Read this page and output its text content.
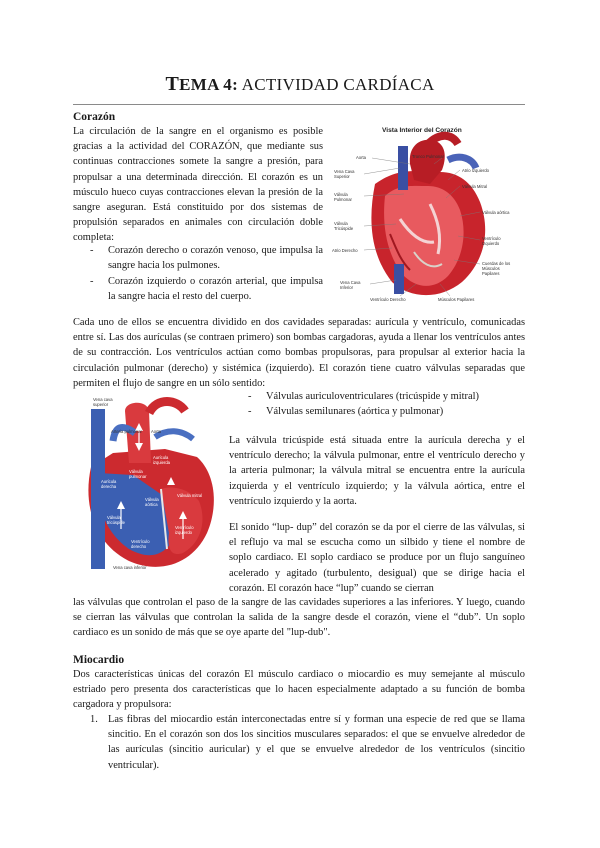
TEMA 4: ACTIVIDAD CARDÍACA
Corazón
La circulación de la sangre en el organismo es posible gracias a la actividad del CORAZÓN, que mediante sus continuas contracciones somete la sangre a presión, para propulsar a una determinada dirección. El corazón es un músculo hueco cuyas contracciones elevan la presión de la sangre aseguran. Está constituido por dos sistemas de propulsión separados en animales con circulación doble completa:
- Corazón derecho o corazón venoso, que impulsa la sangre hacia los pulmones.
- Corazón izquierdo o corazón arterial, que impulsa la sangre hacia el resto del cuerpo.
Vista Interior del Corazón
Aorta
Vena Cava Superior
Válvula Pulmonar
Válvula Tricúspide
Atrio Derecho
Vena Cava Inferior
Tronco Pulmonar
Atrio Izquierdo
Válvula Mitral
Válvula aórtica
Ventrículo Izquierdo
Cuerdas de los Músculos Papilares
Ventrículo Derecho	Músculos Papilares
Cada uno de ellos se encuentra dividido en dos cavidades separadas: aurícula y ventrículo, comunicadas entre sí. Las dos aurículas (se contraen primero) son bombas cargadoras, ayuda a llenar los ventrículos antes de su contracción. Los ventrículos actúan como bombas propulsoras, para propulsar al exterior hacia la circulación pulmonar (derecho) y sistémica (izquierdo). El corazón tiene cuatro válvulas separadas que permiten el flujo de sangre en un sólo sentido:
- Válvulas auriculoventriculares (tricúspide y mitral)
- Válvulas semilunares (aórtica y pulmonar)
Vena cava superior
Aorta
Arteria pulmonar
Aurícula izquierda
Aurícula derecha
Válvula pulmonar
Válvula mitral
Válvula aórtica
Válvula tricúspide
Ventrículo izquierdo
Ventrículo derecho
Vena cava inferior
La válvula tricúspide está situada entre la aurícula derecha y el ventrículo derecho; la válvula pulmonar, entre el ventrículo derecho y la arteria pulmonar; la válvula mitral se encuentra entre la aurícula izquierda y el ventrículo izquierdo; y la válvula aórtica, entre el ventrículo izquierdo y la aorta.
El sonido “lup- dup” del corazón se da por el cierre de las válvulas, si el reflujo va mal se escucha como un silbido y tiene el nombre de soplo cardiaco. El soplo cardiaco se produce por un flujo sanguíneo acelerado y agitado (turbulento, desigual) que se dirige hacia el corazón. El corazón hace “lup” cuando se cierran
las válvulas que controlan el paso de la sangre de las cavidades superiores a las inferiores. Y luego, cuando se cierran las válvulas que controlan la salida de la sangre desde el corazón, viene el “dub”. Un soplo cardiaco es un sonido de más que se oye aparte del "lup-dub".
Miocardio
Dos características únicas del corazón El músculo cardiaco o miocardio es muy semejante al músculo estriado pero presenta dos características que lo hacen especialmente adaptado a su función de bomba cargadora y propulsora:
1. Las fibras del miocardio están interconectadas entre sí y forman una especie de red que se llama sincitio. En el corazón son dos los sincitios musculares separados: el que se envuelve alrededor de las aurículas (sincitio auricular) y el que se envuelve alrededor de los ventrículos (sincitio ventricular).
